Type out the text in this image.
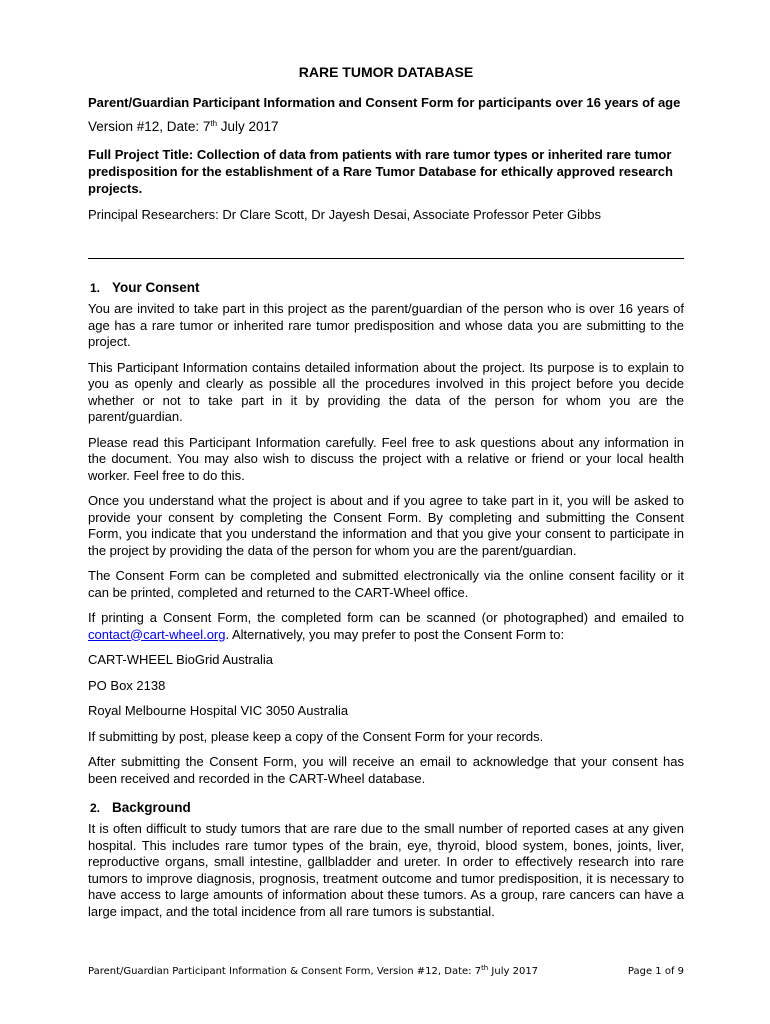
RARE TUMOR DATABASE

Parent/Guardian Participant Information and Consent Form for participants over 16 years of age

Version #12, Date: 7th July 2017

Full Project Title: Collection of data from patients with rare tumor types or inherited rare tumor predisposition for the establishment of a Rare Tumor Database for ethically approved research projects.

Principal Researchers: Dr Clare Scott, Dr Jayesh Desai, Associate Professor Peter Gibbs

1. Your Consent

You are invited to take part in this project as the parent/guardian of the person who is over 16 years of age has a rare tumor or inherited rare tumor predisposition and whose data you are submitting to the project.

This Participant Information contains detailed information about the project. Its purpose is to explain to you as openly and clearly as possible all the procedures involved in this project before you decide whether or not to take part in it by providing the data of the person for whom you are the parent/guardian.

Please read this Participant Information carefully. Feel free to ask questions about any information in the document. You may also wish to discuss the project with a relative or friend or your local health worker. Feel free to do this.

Once you understand what the project is about and if you agree to take part in it, you will be asked to provide your consent by completing the Consent Form. By completing and submitting the Consent Form, you indicate that you understand the information and that you give your consent to participate in the project by providing the data of the person for whom you are the parent/guardian.

The Consent Form can be completed and submitted electronically via the online consent facility or it can be printed, completed and returned to the CART-Wheel office.

If printing a Consent Form, the completed form can be scanned (or photographed) and emailed to contact@cart-wheel.org. Alternatively, you may prefer to post the Consent Form to:

CART-WHEEL BioGrid Australia

PO Box 2138

Royal Melbourne Hospital VIC 3050 Australia

If submitting by post, please keep a copy of the Consent Form for your records.

After submitting the Consent Form, you will receive an email to acknowledge that your consent has been received and recorded in the CART-Wheel database.

2. Background

It is often difficult to study tumors that are rare due to the small number of reported cases at any given hospital. This includes rare tumor types of the brain, eye, thyroid, blood system, bones, joints, liver, reproductive organs, small intestine, gallbladder and ureter. In order to effectively research into rare tumors to improve diagnosis, prognosis, treatment outcome and tumor predisposition, it is necessary to have access to large amounts of information about these tumors. As a group, rare cancers can have a large impact, and the total incidence from all rare tumors is substantial.

Parent/Guardian Participant Information & Consent Form, Version #12, Date: 7th July 2017	Page 1 of 9
